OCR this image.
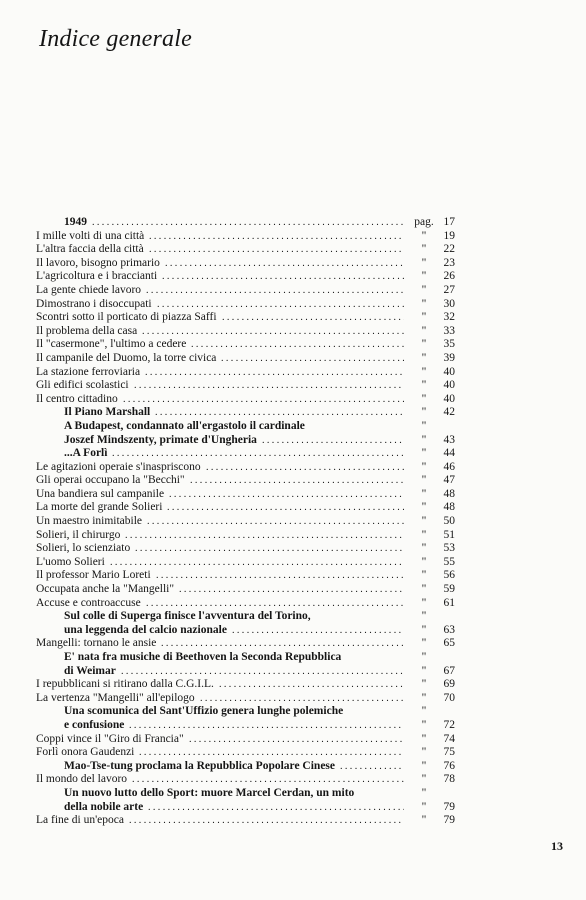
Indice generale
1949 .....	pag. 17
I mille volti di una città .....	"	19
L'altra faccia della città .....	"	22
Il lavoro, bisogno primario .....	"	23
L'agricoltura e i braccianti .....	"	26
La gente chiede lavoro .....	"	27
Dimostrano i disoccupati .....	"	30
Scontri sotto il porticato di piazza Saffi .....	"	32
Il problema della casa .....	"	33
Il "casermone", l'ultimo a cedere .....	"	35
Il campanile del Duomo, la torre civica .....	"	39
La stazione ferroviaria .....	"	40
Gli edifici scolastici .....	"	40
Il centro cittadino .....	"	40
Il Piano Marshall .....	"	42
A Budapest, condannato all'ergastolo il cardinale	"
Joszef Mindszenty, primate d'Ungheria .....	"	43
...A Forlì .....	"	44
Le agitazioni operaie s'inaspriscono .....	"	46
Gli operai occupano la "Becchi" .....	"	47
Una bandiera sul campanile .....	"	48
La morte del grande Solieri .....	"	48
Un maestro inimitabile .....	"	50
Solieri, il chirurgo .....	"	51
Solieri, lo scienziato .....	"	53
L'uomo Solieri .....	"	55
Il professor Mario Loreti .....	"	56
Occupata anche la "Mangelli" .....	"	59
Accuse e controaccuse .....	"	61
Sul colle di Superga finisce l'avventura del Torino,	"
una leggenda del calcio nazionale .....	"	63
Mangelli: tornano le ansie .....	"	65
E' nata fra musiche di Beethoven la Seconda Repubblica	"
di Weimar .....	"	67
I repubblicani si ritirano dalla C.G.I.L. .....	"	69
La vertenza "Mangelli" all'epilogo .....	"	70
Una scomunica del Sant'Uffizio genera lunghe polemiche	"
e confusione .....	"	72
Coppi vince il "Giro di Francia" .....	"	74
Forlì onora Gaudenzi .....	"	75
Mao-Tse-tung proclama la Repubblica Popolare Cinese .....	"	76
Il mondo del lavoro .....	"	78
Un nuovo lutto dello Sport: muore Marcel Cerdan, un mito	"
della nobile arte .....	"	79
La fine di un'epoca .....	"	79
13
